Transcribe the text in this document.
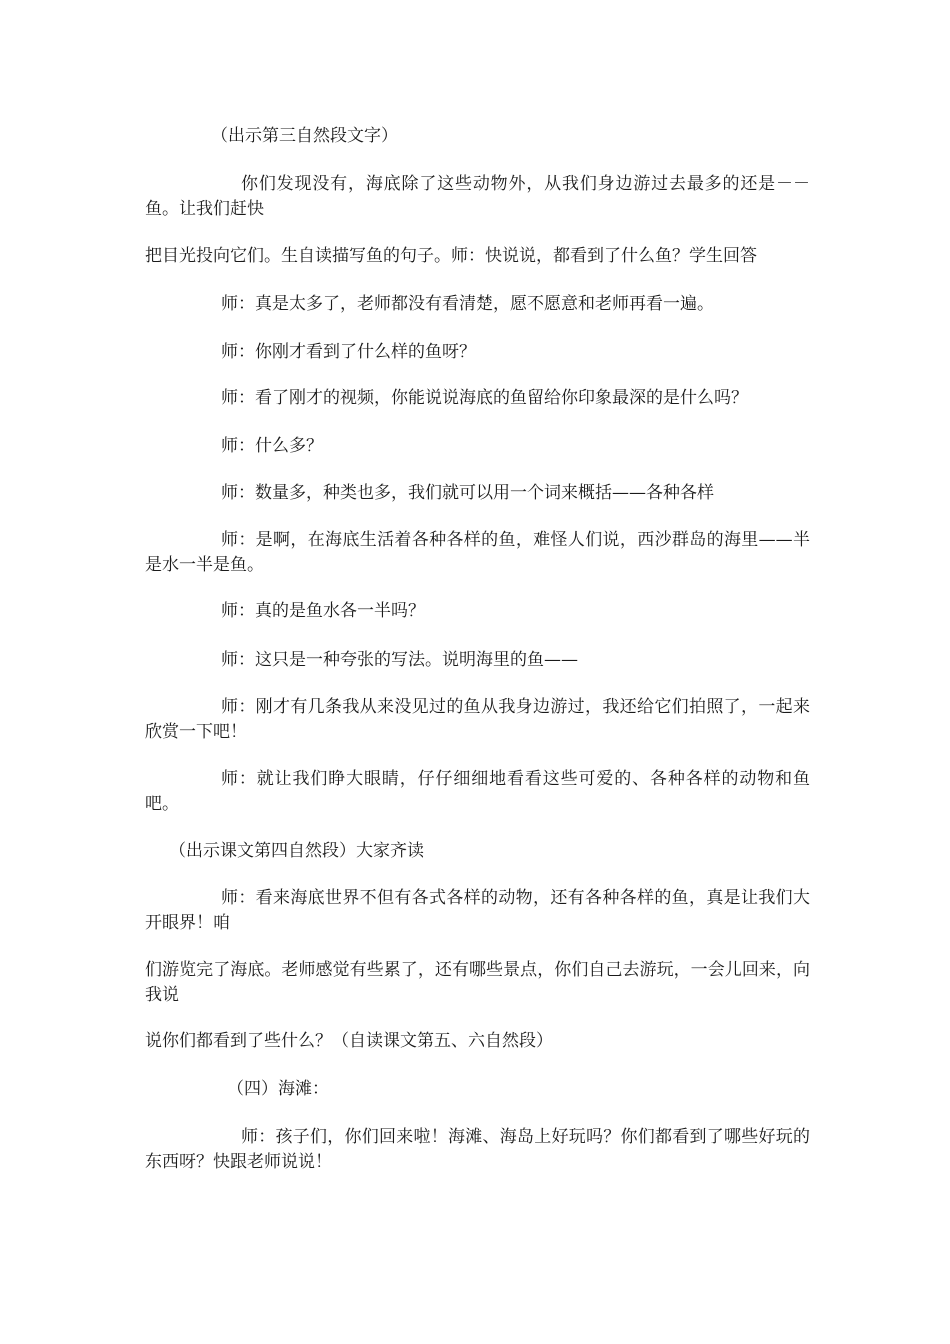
（出示第三自然段文字）

你们发现没有，海底除了这些动物外，从我们身边游过去最多的还是－－鱼。让我们赶快

把目光投向它们。生自读描写鱼的句子。师：快说说，都看到了什么鱼？学生回答

师：真是太多了，老师都没有看清楚，愿不愿意和老师再看一遍。

师：你刚才看到了什么样的鱼呀？

师：看了刚才的视频，你能说说海底的鱼留给你印象最深的是什么吗？

师：什么多？

师：数量多，种类也多，我们就可以用一个词来概括——各种各样

师：是啊，在海底生活着各种各样的鱼，难怪人们说，西沙群岛的海里——半是水一半是鱼。

师：真的是鱼水各一半吗？

师：这只是一种夸张的写法。说明海里的鱼——

师：刚才有几条我从来没见过的鱼从我身边游过，我还给它们拍照了，一起来欣赏一下吧！

师：就让我们睁大眼睛，仔仔细细地看看这些可爱的、各种各样的动物和鱼吧。

（出示课文第四自然段）大家齐读

师：看来海底世界不但有各式各样的动物，还有各种各样的鱼，真是让我们大开眼界！咱

们游览完了海底。老师感觉有些累了，还有哪些景点，你们自己去游玩，一会儿回来，向我说

说你们都看到了些什么？（自读课文第五、六自然段）

（四）海滩：

师：孩子们，你们回来啦！海滩、海岛上好玩吗？你们都看到了哪些好玩的东西呀？快跟老师说说！
